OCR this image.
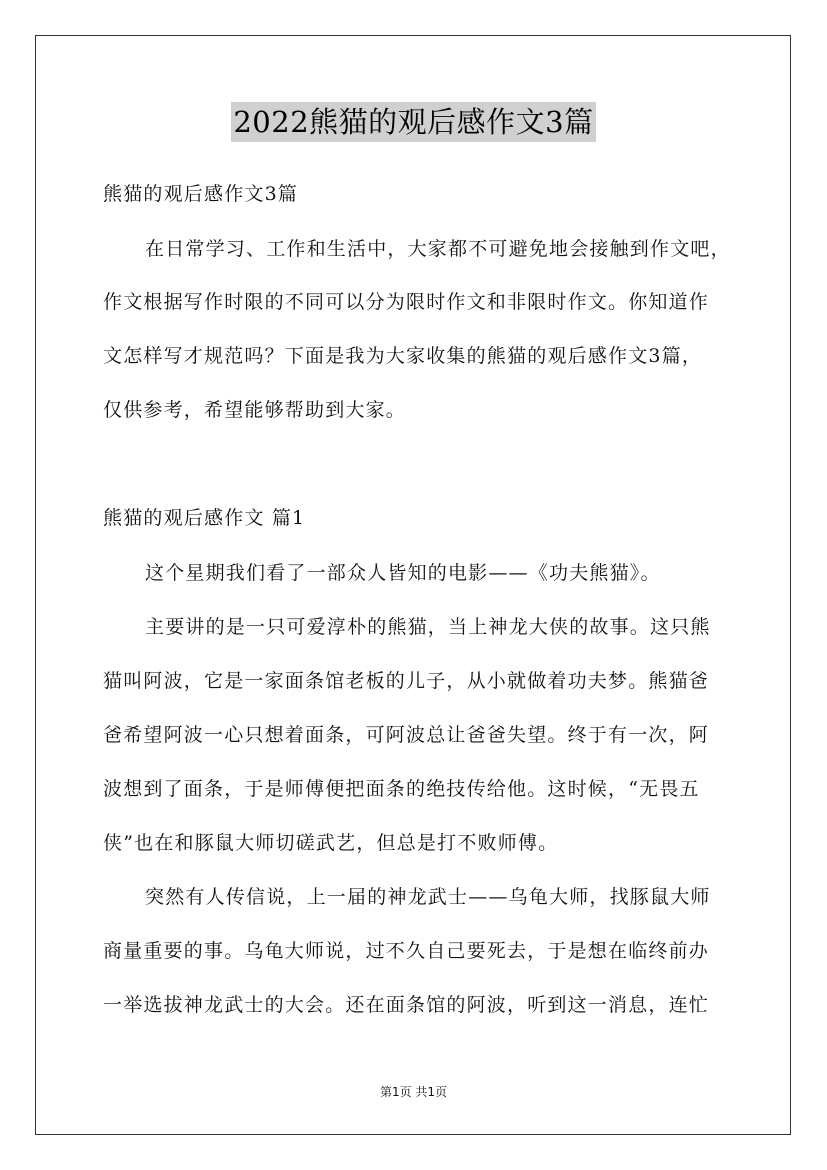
2022熊猫的观后感作文3篇
熊猫的观后感作文3篇
在日常学习、工作和生活中，大家都不可避免地会接触到作文吧，
作文根据写作时限的不同可以分为限时作文和非限时作文。你知道作
文怎样写才规范吗？下面是我为大家收集的熊猫的观后感作文3篇，
仅供参考，希望能够帮助到大家。
熊猫的观后感作文 篇1
这个星期我们看了一部众人皆知的电影——《功夫熊猫》。
主要讲的是一只可爱淳朴的熊猫，当上神龙大侠的故事。这只熊
猫叫阿波，它是一家面条馆老板的儿子，从小就做着功夫梦。熊猫爸
爸希望阿波一心只想着面条，可阿波总让爸爸失望。终于有一次，阿
波想到了面条，于是师傅便把面条的绝技传给他。这时候，“无畏五
侠”也在和豚鼠大师切磋武艺，但总是打不败师傅。
突然有人传信说，上一届的神龙武士——乌龟大师，找豚鼠大师
商量重要的事。乌龟大师说，过不久自己要死去，于是想在临终前办
一举选拔神龙武士的大会。还在面条馆的阿波，听到这一消息，连忙
第1页 共1页
